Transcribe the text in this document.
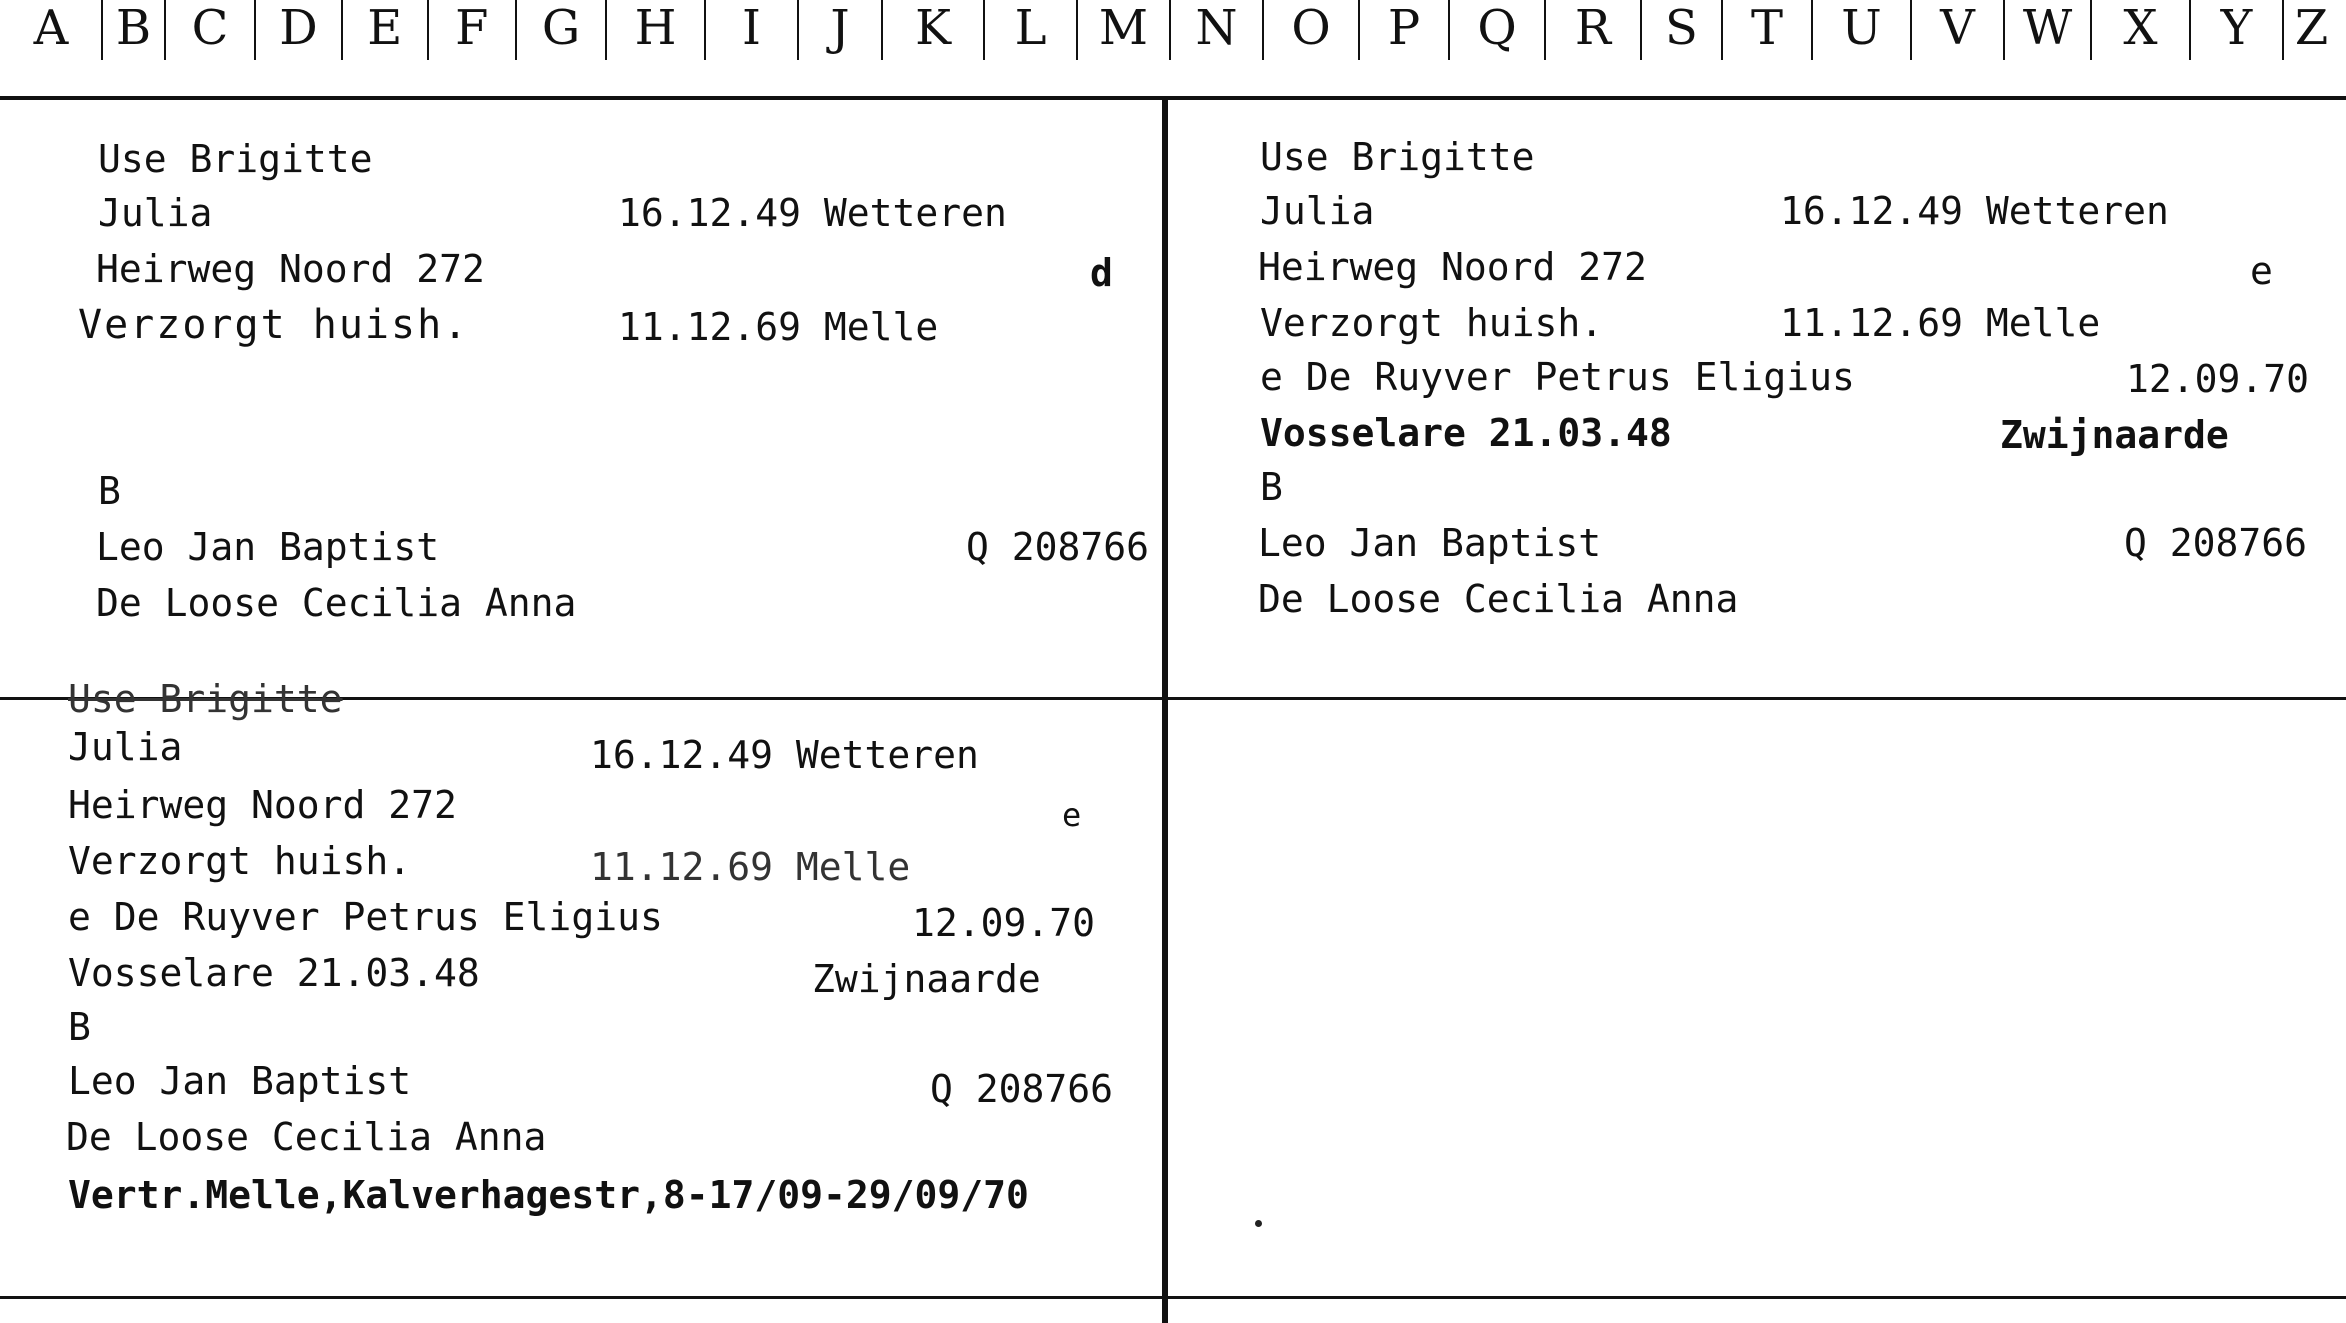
A B C	D	E	F	G	H	I	J	K	L	M N	O	P	Q	R	S	T	U	V	W	X	Y Z
Use Brigitte
Julia	16.12.49 Wetteren
Heirweg Noord 272	d
Verzorgt huish.	11.12.69 Melle
B
Leo Jan Baptist	Q 208766
De Loose Cecilia Anna
Use Brigitte
Julia	16.12.49 Wetteren
Heirweg Noord 272	e
Verzorgt huish.	11.12.69 Melle
e De Ruyver Petrus Eligius	12.09.70
Vosselare 21.03.48	Zwijnaarde
B
Leo Jan Baptist	Q 208766
De Loose Cecilia Anna
Use Brigitte
Julia	16.12.49 Wetteren
Heirweg Noord 272	e
Verzorgt huish.	11.12.69 Melle
e De Ruyver Petrus Eligius	12.09.70
Vosselare 21.03.48	Zwijnaarde
B
Leo Jan Baptist	Q 208766
De Loose Cecilia Anna
Vertr.Melle,Kalverhagestr,8-17/09-29/09/70
